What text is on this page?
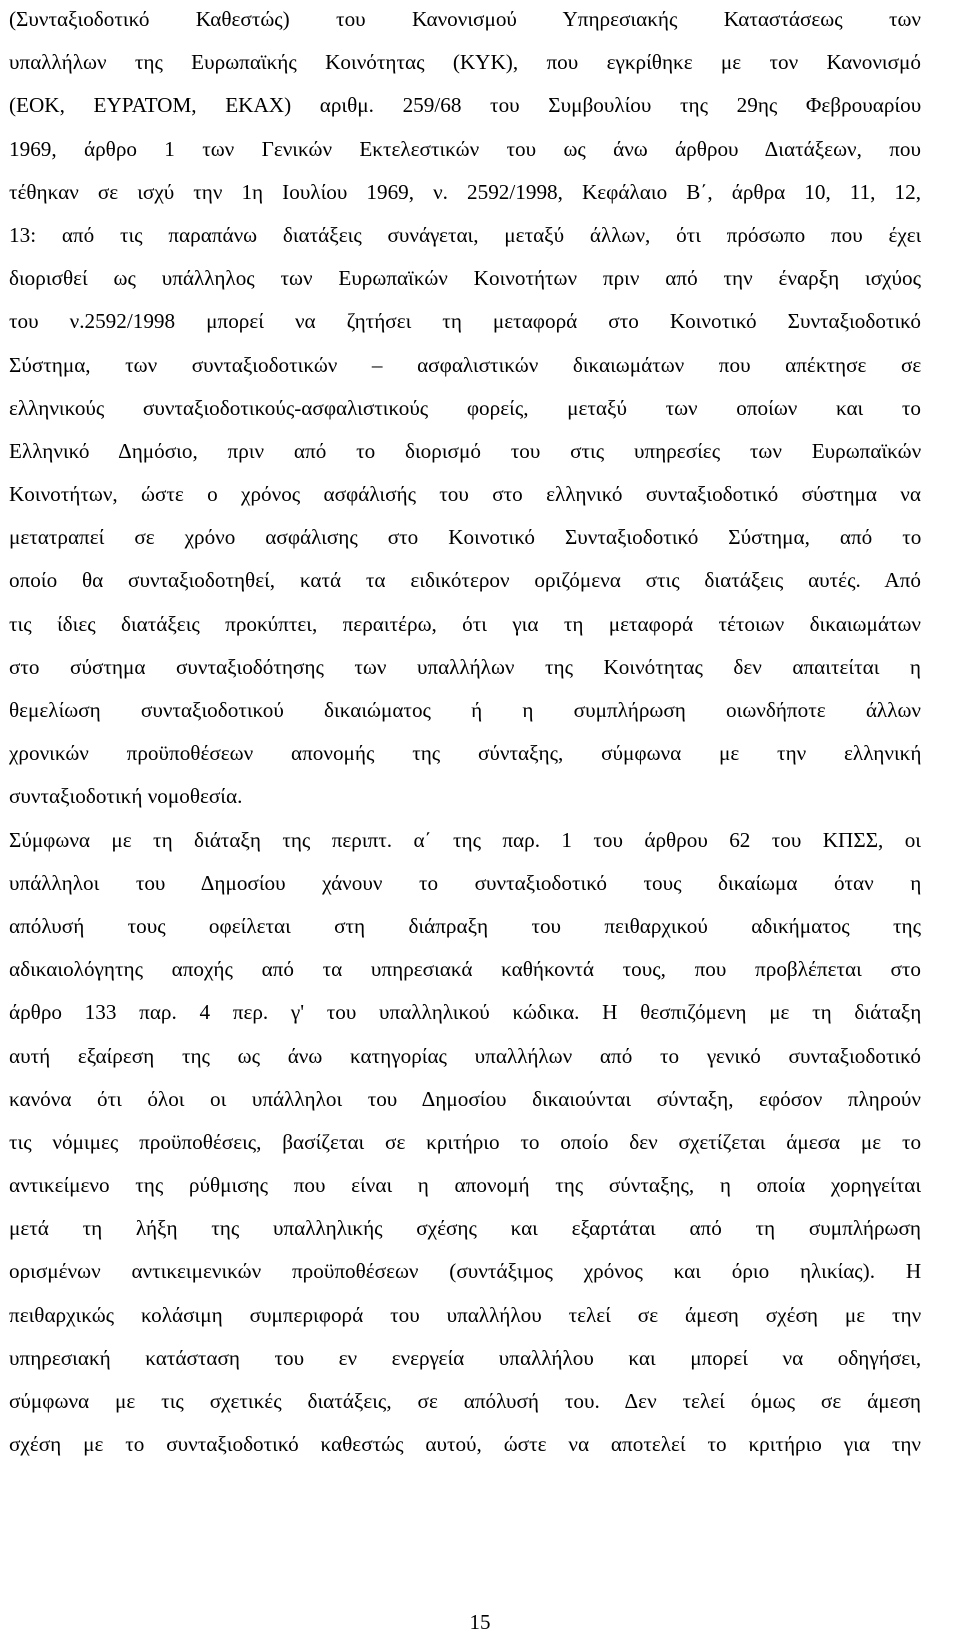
(Συνταξιοδοτικό Καθεστώς) του Κανονισμού Υπηρεσιακής Καταστάσεως των
υπαλλήλων της Ευρωπαϊκής Κοινότητας (ΚΥΚ), που εγκρίθηκε με τον Κανονισμό
(ΕΟΚ, ΕΥΡΑΤΟΜ, ΕΚΑΧ) αριθμ. 259/68 του Συμβουλίου της 29ης Φεβρουαρίου
1969, άρθρο 1 των Γενικών Εκτελεστικών του ως άνω άρθρου Διατάξεων, που
τέθηκαν σε ισχύ την 1η Ιουλίου 1969, ν. 2592/1998, Κεφάλαιο Β΄, άρθρα 10, 11, 12,
13: από τις παραπάνω διατάξεις συνάγεται, μεταξύ άλλων, ότι πρόσωπο που έχει
διορισθεί ως υπάλληλος των Ευρωπαϊκών Κοινοτήτων πριν από την έναρξη ισχύος
του ν.2592/1998 μπορεί να ζητήσει τη μεταφορά στο Κοινοτικό Συνταξιοδοτικό
Σύστημα, των συνταξιοδοτικών – ασφαλιστικών δικαιωμάτων που απέκτησε σε
ελληνικούς συνταξιοδοτικούς-ασφαλιστικούς φορείς, μεταξύ των οποίων και το
Ελληνικό Δημόσιο, πριν από το διορισμό του στις υπηρεσίες των Ευρωπαϊκών
Κοινοτήτων, ώστε ο χρόνος ασφάλισής του στο ελληνικό συνταξιοδοτικό σύστημα να
μετατραπεί σε χρόνο ασφάλισης στο Κοινοτικό Συνταξιοδοτικό Σύστημα, από το
οποίο θα συνταξιοδοτηθεί, κατά τα ειδικότερον οριζόμενα στις διατάξεις αυτές. Από
τις ίδιες διατάξεις προκύπτει, περαιτέρω, ότι για τη μεταφορά τέτοιων δικαιωμάτων
στο σύστημα συνταξιοδότησης των υπαλλήλων της Κοινότητας δεν απαιτείται η
θεμελίωση συνταξιοδοτικού δικαιώματος ή η συμπλήρωση οιωνδήποτε άλλων
χρονικών προϋποθέσεων απονομής της σύνταξης, σύμφωνα με την ελληνική
συνταξιοδοτική νομοθεσία.
Σύμφωνα με τη διάταξη της περιπτ. α΄ της παρ. 1 του άρθρου 62 του ΚΠΣΣ, οι
υπάλληλοι του Δημοσίου χάνουν το συνταξιοδοτικό τους δικαίωμα όταν η
απόλυσή τους οφείλεται στη διάπραξη του πειθαρχικού αδικήματος της
αδικαιολόγητης αποχής από τα υπηρεσιακά καθήκοντά τους, που προβλέπεται στο
άρθρο 133 παρ. 4 περ. γ' του υπαλληλικού κώδικα. Η θεσπιζόμενη με τη διάταξη
αυτή εξαίρεση της ως άνω κατηγορίας υπαλλήλων από το γενικό συνταξιοδοτικό
κανόνα ότι όλοι οι υπάλληλοι του Δημοσίου δικαιούνται σύνταξη, εφόσον πληρούν
τις νόμιμες προϋποθέσεις, βασίζεται σε κριτήριο το οποίο δεν σχετίζεται άμεσα με το
αντικείμενο της ρύθμισης που είναι η απονομή της σύνταξης, η οποία χορηγείται
μετά τη λήξη της υπαλληλικής σχέσης και εξαρτάται από τη συμπλήρωση
ορισμένων αντικειμενικών προϋποθέσεων (συντάξιμος χρόνος και όριο ηλικίας). Η
πειθαρχικώς κολάσιμη συμπεριφορά του υπαλλήλου τελεί σε άμεση σχέση με την
υπηρεσιακή κατάσταση του εν ενεργεία υπαλλήλου και μπορεί να οδηγήσει,
σύμφωνα με τις σχετικές διατάξεις, σε απόλυσή του. Δεν τελεί όμως σε άμεση
σχέση με το συνταξιοδοτικό καθεστώς αυτού, ώστε να αποτελεί το κριτήριο για την
15
